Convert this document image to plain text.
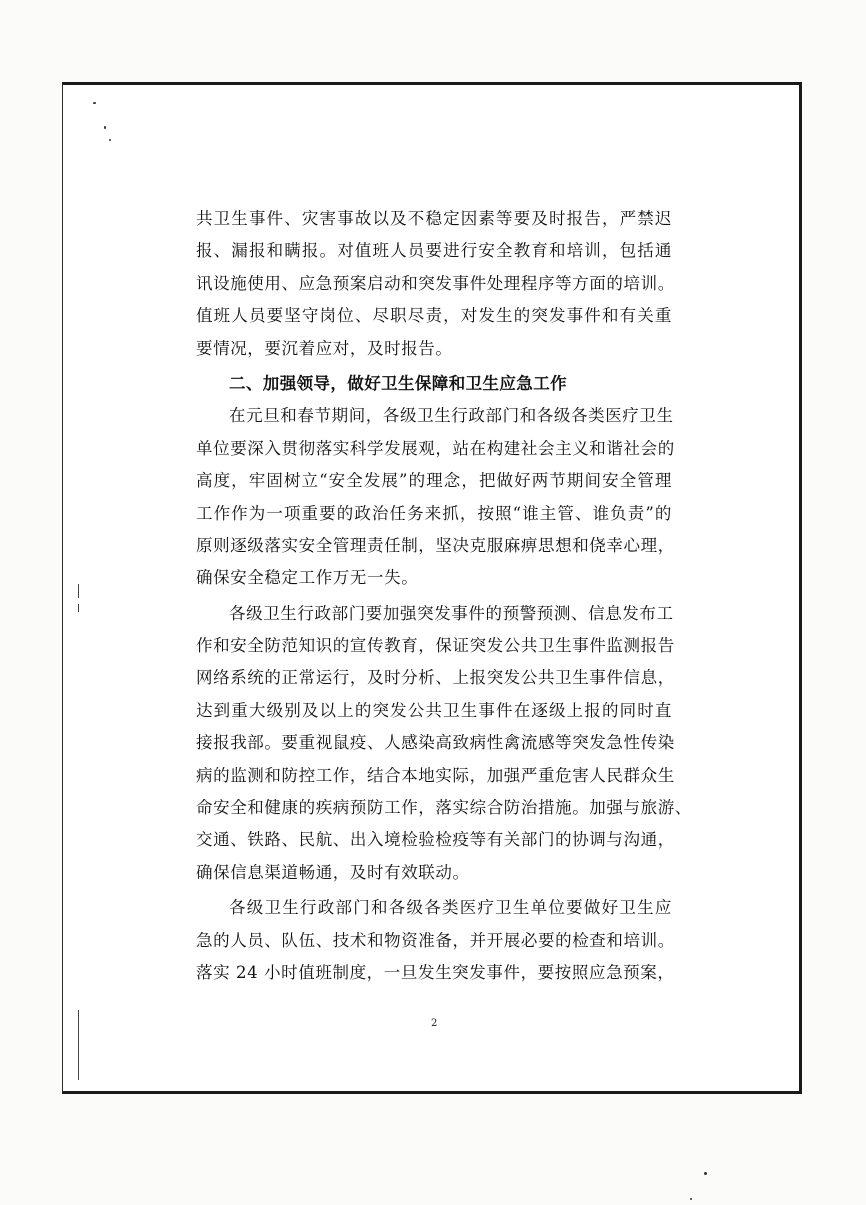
共卫生事件、灾害事故以及不稳定因素等要及时报告，严禁迟
报、漏报和瞒报。对值班人员要进行安全教育和培训，包括通
讯设施使用、应急预案启动和突发事件处理程序等方面的培训。
值班人员要坚守岗位、尽职尽责，对发生的突发事件和有关重
要情况，要沉着应对，及时报告。
二、加强领导，做好卫生保障和卫生应急工作
在元旦和春节期间，各级卫生行政部门和各级各类医疗卫生
单位要深入贯彻落实科学发展观，站在构建社会主义和谐社会的
高度，牢固树立“安全发展”的理念，把做好两节期间安全管理
工作作为一项重要的政治任务来抓，按照“谁主管、谁负责”的
原则逐级落实安全管理责任制，坚决克服麻痹思想和侥幸心理，
确保安全稳定工作万无一失。
各级卫生行政部门要加强突发事件的预警预测、信息发布工
作和安全防范知识的宣传教育，保证突发公共卫生事件监测报告
网络系统的正常运行，及时分析、上报突发公共卫生事件信息，
达到重大级别及以上的突发公共卫生事件在逐级上报的同时直
接报我部。要重视鼠疫、人感染高致病性禽流感等突发急性传染
病的监测和防控工作，结合本地实际，加强严重危害人民群众生
命安全和健康的疾病预防工作，落实综合防治措施。加强与旅游、
交通、铁路、民航、出入境检验检疫等有关部门的协调与沟通，
确保信息渠道畅通，及时有效联动。
各级卫生行政部门和各级各类医疗卫生单位要做好卫生应
急的人员、队伍、技术和物资准备，并开展必要的检查和培训。
落实 24 小时值班制度，一旦发生突发事件，要按照应急预案，
2
